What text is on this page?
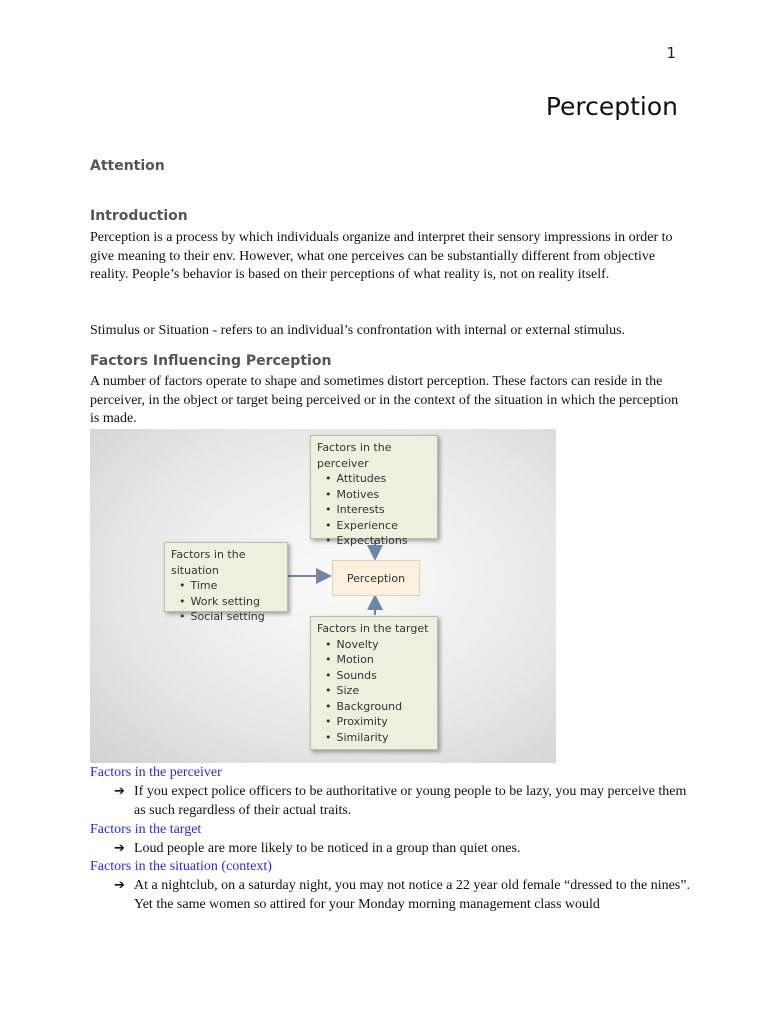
1
Perception
Attention
Introduction

Perception is a process by which individuals organize and interpret their sensory impressions in order to give meaning to their env. However, what one perceives can be substantially different from objective reality. People’s behavior is based on their perceptions of what reality is, not on reality itself.

Stimulus or Situation - refers to an individual’s confrontation with internal or external stimulus.

Factors Influencing Perception

A number of factors operate to shape and sometimes distort perception. These factors can reside in the perceiver, in the object or target being perceived or in the context of the situation in which the perception is made.

Factors in the perceiver
• Attitudes
• Motives
• Interests
• Experience
• Expectations
Factors in the situation
• Time
• Work setting
• Social setting
Perception
Factors in the target
• Novelty
• Motion
• Sounds
• Size
• Background
• Proximity
• Similarity
Factors in the perceiver
➔ If you expect police officers to be authoritative or young people to be lazy, you may perceive them as such regardless of their actual traits.
Factors in the target
➔ Loud people are more likely to be noticed in a group than quiet ones.
Factors in the situation (context)
➔ At a nightclub, on a saturday night, you may not notice a 22 year old female “dressed to the nines”. Yet the same women so attired for your Monday morning management class would
